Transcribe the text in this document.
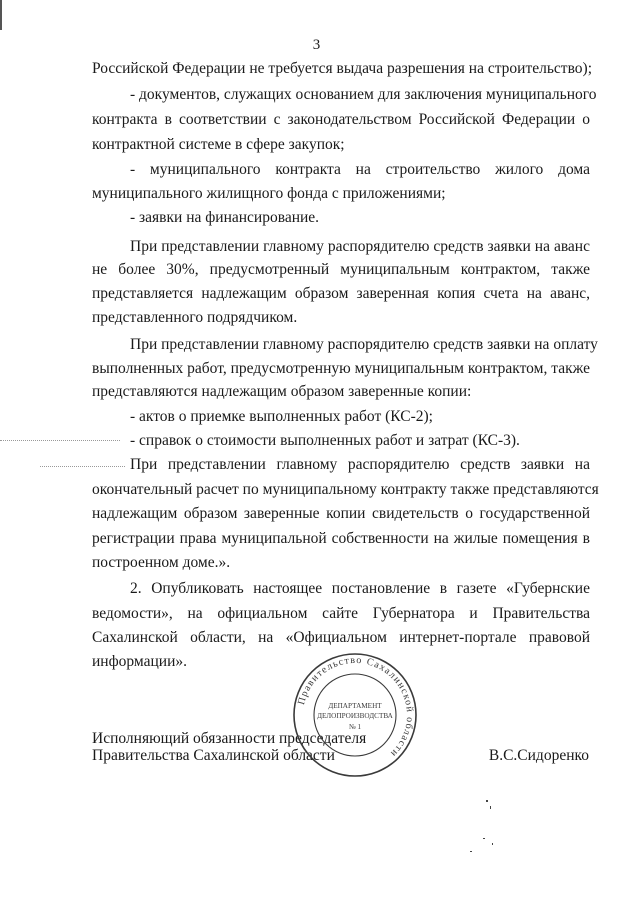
3
Российской Федерации не требуется выдача разрешения на строительство);
- документов, служащих основанием для заключения муниципального
контракта в соответствии с законодательством Российской Федерации о
контрактной системе в сфере закупок;
- муниципального контракта на строительство жилого дома
муниципального жилищного фонда с приложениями;
- заявки на финансирование.
При представлении главному распорядителю средств заявки на аванс
не более 30%, предусмотренный муниципальным контрактом, также
представляется надлежащим образом заверенная копия счета на аванс,
представленного подрядчиком.
При представлении главному распорядителю средств заявки на оплату
выполненных работ, предусмотренную муниципальным контрактом, также
представляются надлежащим образом заверенные копии:
- актов о приемке выполненных работ (КС-2);
- справок о стоимости выполненных работ и затрат (КС-3).
При представлении главному распорядителю средств заявки на
окончательный расчет по муниципальному контракту также представляются
надлежащим образом заверенные копии свидетельств о государственной
регистрации права муниципальной собственности на жилые помещения в
построенном доме.».
2. Опубликовать настоящее постановление в газете «Губернские
ведомости», на официальном сайте Губернатора и Правительства
Сахалинской области, на «Официальном интернет-портале правовой
информации».
Исполняющий обязанности председателя
Правительства Сахалинской области	В.С.Сидоренко
Правительство Сахалинской области
ДЕПАРТАМЕНТ
ДЕЛОПРОИЗВОДСТВА
№ 1
